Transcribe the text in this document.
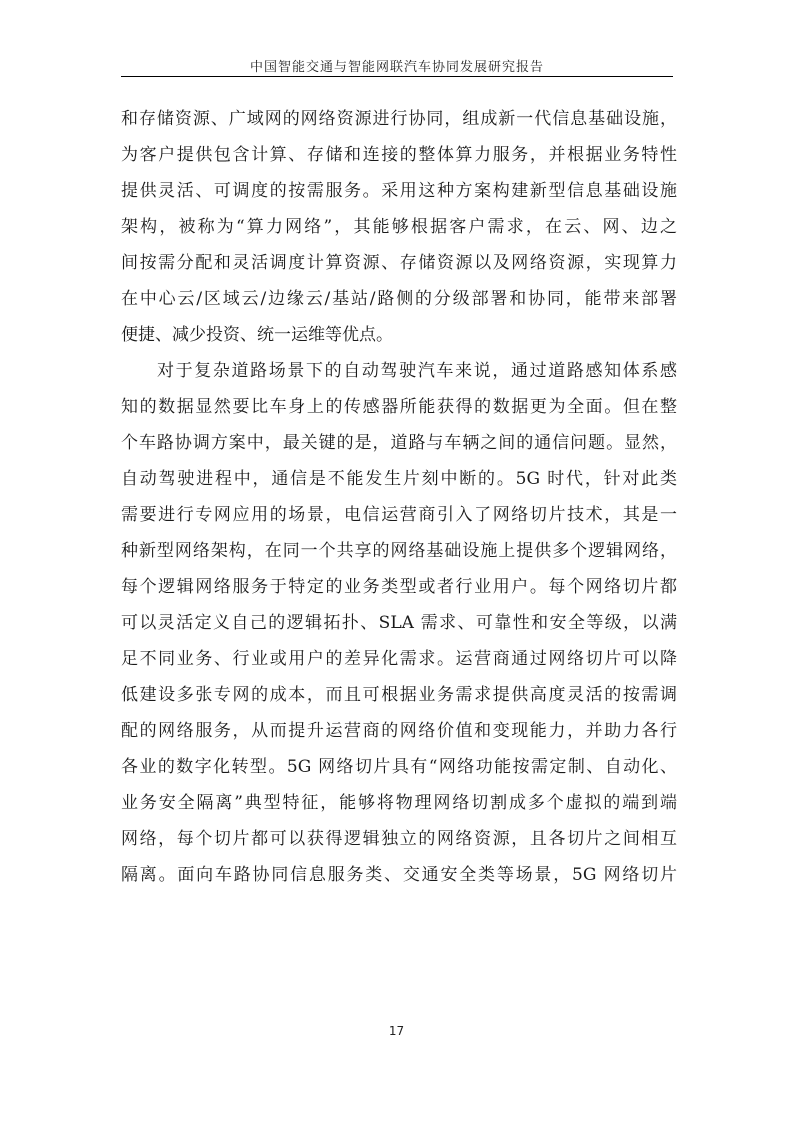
中国智能交通与智能网联汽车协同发展研究报告
和存储资源、广域网的网络资源进行协同，组成新一代信息基础设施，
为客户提供包含计算、存储和连接的整体算力服务，并根据业务特性
提供灵活、可调度的按需服务。采用这种方案构建新型信息基础设施
架构，被称为“算力网络”，其能够根据客户需求，在云、网、边之
间按需分配和灵活调度计算资源、存储资源以及网络资源，实现算力
在中心云/区域云/边缘云/基站/路侧的分级部署和协同，能带来部署
便捷、减少投资、统一运维等优点。
对于复杂道路场景下的自动驾驶汽车来说，通过道路感知体系感
知的数据显然要比车身上的传感器所能获得的数据更为全面。但在整
个车路协调方案中，最关键的是，道路与车辆之间的通信问题。显然，
自动驾驶进程中，通信是不能发生片刻中断的。5G 时代，针对此类
需要进行专网应用的场景，电信运营商引入了网络切片技术，其是一
种新型网络架构，在同一个共享的网络基础设施上提供多个逻辑网络，
每个逻辑网络服务于特定的业务类型或者行业用户。每个网络切片都
可以灵活定义自己的逻辑拓扑、SLA 需求、可靠性和安全等级，以满
足不同业务、行业或用户的差异化需求。运营商通过网络切片可以降
低建设多张专网的成本，而且可根据业务需求提供高度灵活的按需调
配的网络服务，从而提升运营商的网络价值和变现能力，并助力各行
各业的数字化转型。5G 网络切片具有“网络功能按需定制、自动化、
业务安全隔离”典型特征，能够将物理网络切割成多个虚拟的端到端
网络，每个切片都可以获得逻辑独立的网络资源，且各切片之间相互
隔离。面向车路协同信息服务类、交通安全类等场景，5G 网络切片
17
